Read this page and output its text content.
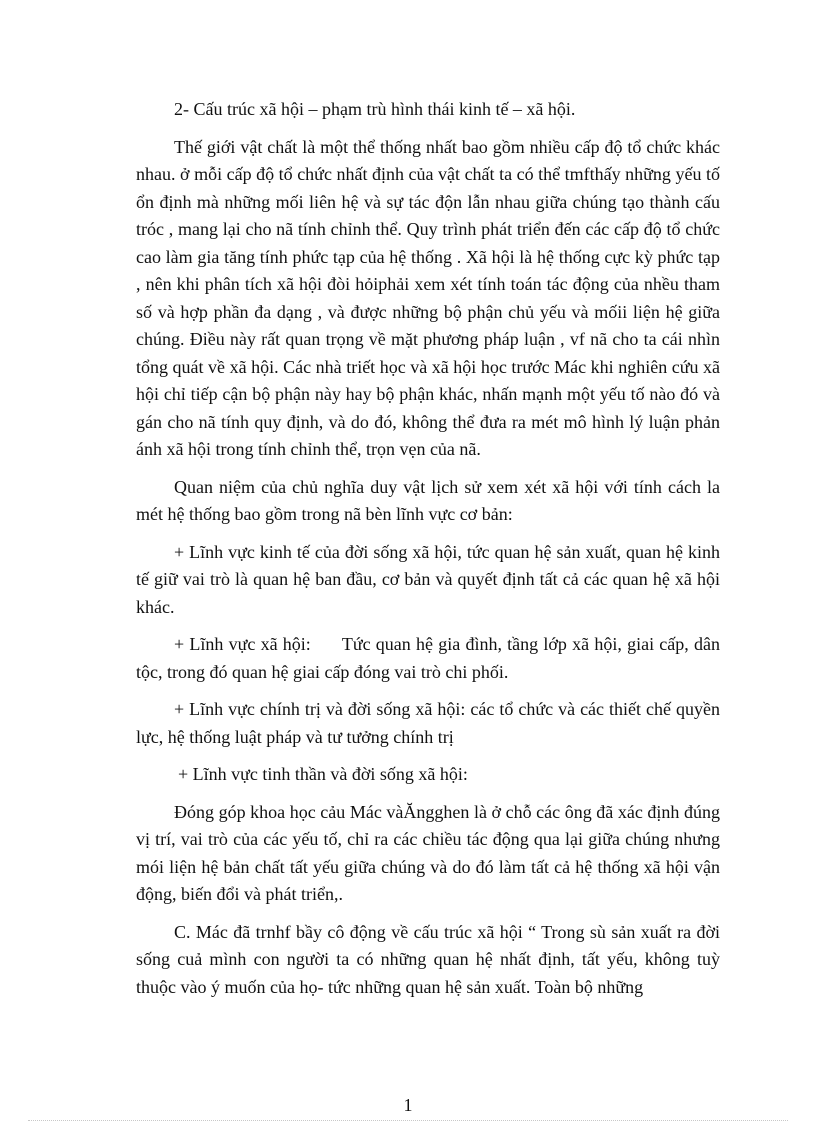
2- Cấu trúc xã hội – phạm trù hình thái kinh tế – xã hội.

Thế giới vật chất là một thể thống nhất bao gồm nhiều cấp độ tổ chức khác nhau. ở mỗi cấp độ tổ chức nhất định của vật chất ta có thể tmfthấy những yếu tố ổn định mà những mối liên hệ và sự tác độn lẫn nhau giữa chúng tạo thành cấu tróc , mang lại cho nã tính chỉnh thể. Quy trình phát triển đến các cấp độ tổ chức cao làm gia tăng tính phức tạp của hệ thống . Xã hội là hệ thống cực kỳ phức tạp , nên khi phân tích xã hội đòi hỏiphải xem xét tính toán tác động của nhều tham số và hợp phần đa dạng , và được những bộ phận chủ yếu và mốii liện hệ giữa chúng. Điều này rất quan trọng về mặt phương pháp luận , vf nã cho ta cái nhìn tổng quát về xã hội. Các nhà triết học và xã hội học trước Mác khi nghiên cứu xã hội chỉ tiếp cận bộ phận này hay bộ phận khác, nhấn mạnh một yếu tố nào đó và gán cho nã tính quy định, và do đó, không thể đưa ra mét mô hình lý luận phản ánh xã hội trong tính chỉnh thể, trọn vẹn của nã.

Quan niệm của chủ nghĩa duy vật lịch sử xem xét xã hội với tính cách la mét hệ thống bao gồm trong nã bèn lĩnh vực cơ bản:

+ Lĩnh vực kinh tế của đời sống xã hội, tức quan hệ sản xuất, quan hệ kinh tế giữ vai trò là quan hệ ban đầu, cơ bản và quyết định tất cả các quan hệ xã hội khác.

+ Lĩnh vực xã hội:      Tức quan hệ gia đình, tầng lớp xã hội, giai cấp, dân tộc, trong đó quan hệ giai cấp đóng vai trò chi phối.

+ Lĩnh vực chính trị và đời sống xã hội: các tổ chức và các thiết chế quyền lực, hệ thống luật pháp và tư tưởng chính trị

+ Lĩnh vực tinh thần và đời sống xã hội:

Đóng góp khoa học cảu Mác vàĂngghen là ở chỗ các ông đã xác định đúng vị trí, vai trò của các yếu tố, chỉ ra các chiều tác động qua lại giữa chúng nhưng mói liện hệ bản chất tất yếu giữa chúng và do đó làm tất cả hệ thống xã hội vận động, biến đổi và phát triển,.

C. Mác đã trnhf bầy cô động về cấu trúc xã hội “ Trong sù sản xuất ra đời sống cuả mình con người ta có những quan hệ nhất định, tất yếu, không tuỳ thuộc vào ý muốn của họ- tức những quan hệ sản xuất. Toàn bộ những

1
